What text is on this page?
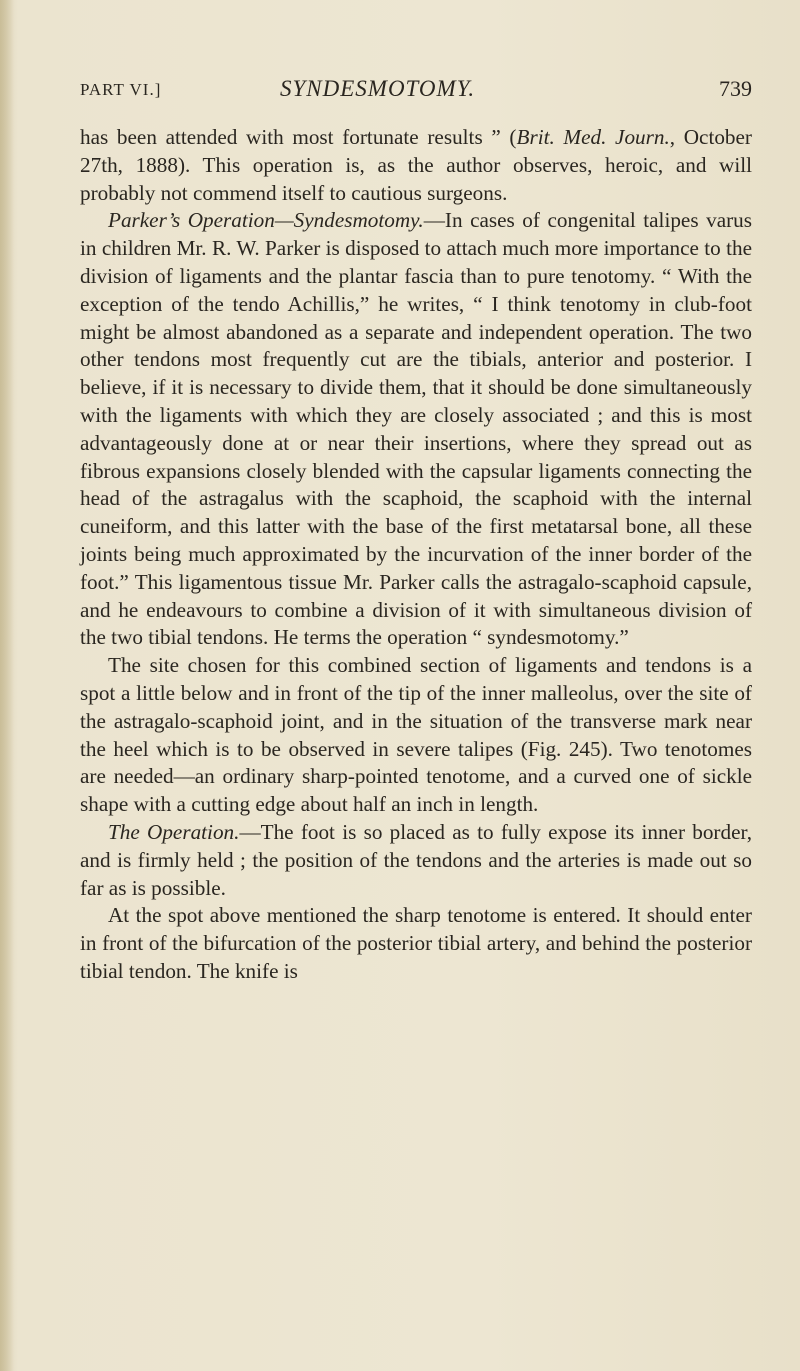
PART VI.]	SYNDESMOTOMY.	739

has been attended with most fortunate results ” (Brit. Med. Journ., October 27th, 1888). This operation is, as the author observes, heroic, and will probably not commend itself to cautious surgeons.

Parker’s Operation—Syndesmotomy.—In cases of congenital talipes varus in children Mr. R. W. Parker is disposed to attach much more importance to the division of ligaments and the plantar fascia than to pure tenotomy. “ With the exception of the tendo Achillis,” he writes, “ I think tenotomy in club-foot might be almost abandoned as a separate and independent operation. The two other tendons most frequently cut are the tibials, anterior and posterior. I believe, if it is necessary to divide them, that it should be done simultaneously with the ligaments with which they are closely associated ; and this is most advantageously done at or near their insertions, where they spread out as fibrous expansions closely blended with the capsular ligaments connecting the head of the astragalus with the scaphoid, the scaphoid with the internal cuneiform, and this latter with the base of the first metatarsal bone, all these joints being much approximated by the incurvation of the inner border of the foot.” This ligamentous tissue Mr. Parker calls the astragalo-scaphoid capsule, and he endeavours to combine a division of it with simultaneous division of the two tibial tendons. He terms the operation “ syndesmotomy.”

The site chosen for this combined section of ligaments and tendons is a spot a little below and in front of the tip of the inner malleolus, over the site of the astragalo-scaphoid joint, and in the situation of the transverse mark near the heel which is to be observed in severe talipes (Fig. 245). Two tenotomes are needed—an ordinary sharp-pointed tenotome, and a curved one of sickle shape with a cutting edge about half an inch in length.

The Operation.—The foot is so placed as to fully expose its inner border, and is firmly held ; the position of the tendons and the arteries is made out so far as is possible.

At the spot above mentioned the sharp tenotome is entered. It should enter in front of the bifurcation of the posterior tibial artery, and behind the posterior tibial tendon. The knife is
